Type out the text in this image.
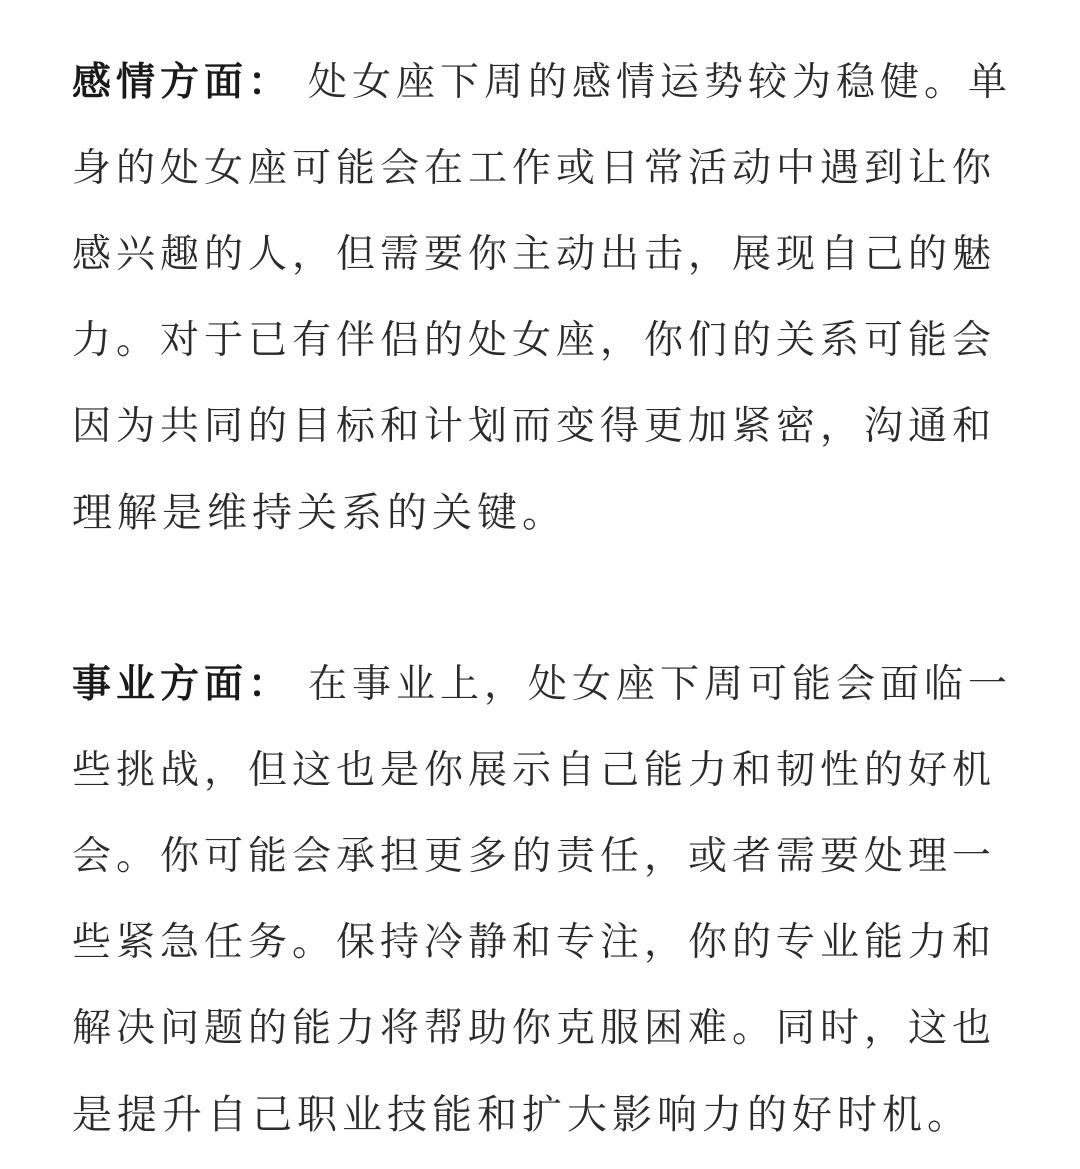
感情方面： 处女座下周的感情运势较为稳健。单
身的处女座可能会在工作或日常活动中遇到让你
感兴趣的人，但需要你主动出击，展现自己的魅
力。对于已有伴侣的处女座，你们的关系可能会
因为共同的目标和计划而变得更加紧密，沟通和
理解是维持关系的关键。
事业方面： 在事业上，处女座下周可能会面临一
些挑战，但这也是你展示自己能力和韧性的好机
会。你可能会承担更多的责任，或者需要处理一
些紧急任务。保持冷静和专注，你的专业能力和
解决问题的能力将帮助你克服困难。同时，这也
是提升自己职业技能和扩大影响力的好时机。
